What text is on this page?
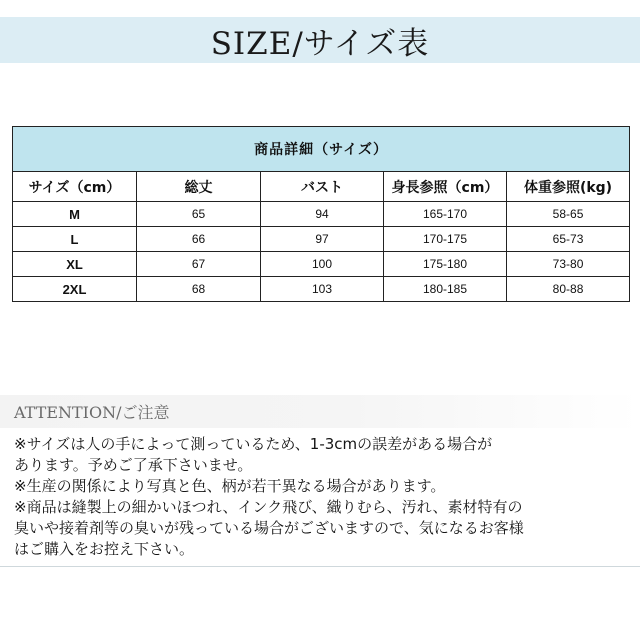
SIZE/サイズ表
商品詳細（サイズ）				
サイズ（cm）	総丈	バスト	身長参照（cm）	体重参照(kg)
M	65	94	165-170	58-65
L	66	97	170-175	65-73
XL	67	100	175-180	73-80
2XL	68	103	180-185	80-88
ATTENTION/ご注意
※サイズは人の手によって測っているため、1-3cmの誤差がある場合が
あります。予めご了承下さいませ。
※生産の関係により写真と色、柄が若干異なる場合があります。
※商品は縫製上の細かいほつれ、インク飛び、織りむら、汚れ、素材特有の
臭いや接着剤等の臭いが残っている場合がございますので、気になるお客様
はご購入をお控え下さい。
